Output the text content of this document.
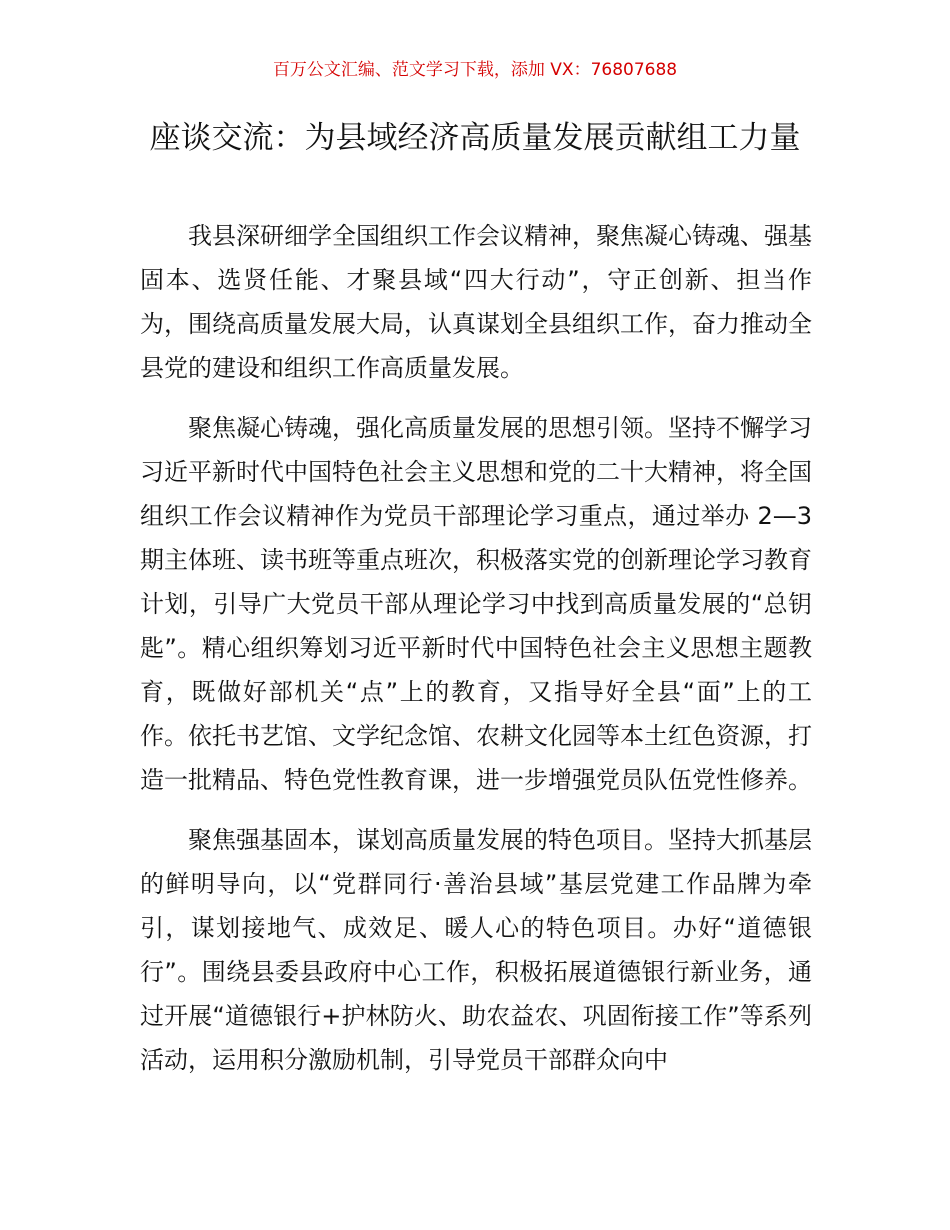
百万公文汇编、范文学习下载，添加 VX：76807688
座谈交流：为县域经济高质量发展贡献组工力量

我县深研细学全国组织工作会议精神，聚焦凝心铸魂、强基固本、选贤任能、才聚县域“四大行动”，守正创新、担当作为，围绕高质量发展大局，认真谋划全县组织工作，奋力推动全县党的建设和组织工作高质量发展。

聚焦凝心铸魂，强化高质量发展的思想引领。坚持不懈学习习近平新时代中国特色社会主义思想和党的二十大精神，将全国组织工作会议精神作为党员干部理论学习重点，通过举办 2—3 期主体班、读书班等重点班次，积极落实党的创新理论学习教育计划，引导广大党员干部从理论学习中找到高质量发展的“总钥匙”。精心组织筹划习近平新时代中国特色社会主义思想主题教育，既做好部机关“点”上的教育，又指导好全县“面”上的工作。依托书艺馆、文学纪念馆、农耕文化园等本土红色资源，打造一批精品、特色党性教育课，进一步增强党员队伍党性修养。

聚焦强基固本，谋划高质量发展的特色项目。坚持大抓基层的鲜明导向，以“党群同行·善治县域”基层党建工作品牌为牵引，谋划接地气、成效足、暖人心的特色项目。办好“道德银行”。围绕县委县政府中心工作，积极拓展道德银行新业务，通过开展“道德银行+护林防火、助农益农、巩固衔接工作”等系列活动，运用积分激励机制，引导党员干部群众向中
